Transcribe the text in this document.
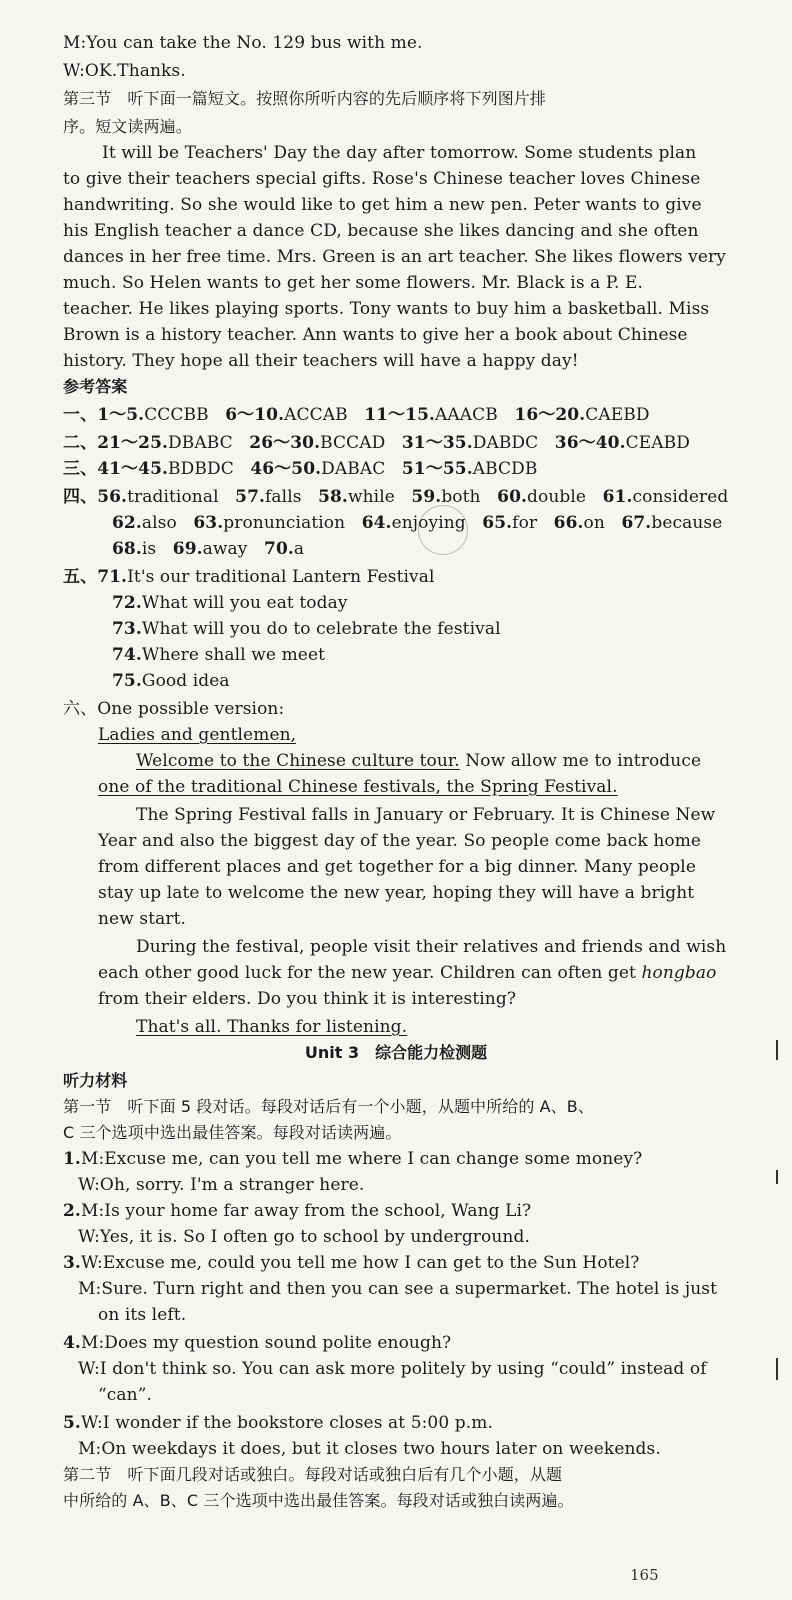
M:You can take the No. 129 bus with me.
W:OK.Thanks.
第三节　听下面一篇短文。按照你所听内容的先后顺序将下列图片排
序。短文读两遍。
It will be Teachers' Day the day after tomorrow. Some students plan
to give their teachers special gifts. Rose's Chinese teacher loves Chinese
handwriting. So she would like to get him a new pen. Peter wants to give
his English teacher a dance CD, because she likes dancing and she often
dances in her free time. Mrs. Green is an art teacher. She likes flowers very
much. So Helen wants to get her some flowers. Mr. Black is a P. E.
teacher. He likes playing sports. Tony wants to buy him a basketball. Miss
Brown is a history teacher. Ann wants to give her a book about Chinese
history. They hope all their teachers will have a happy day!
参考答案
一、1～5.CCCBB 6～10.ACCAB 11～15.AAACB 16～20.CAEBD
二、21～25.DBABC 26～30.BCCAD 31～35.DABDC 36～40.CEABD
三、41～45.BDBDC 46～50.DABAC 51～55.ABCDB
四、56.traditional 57.falls 58.while 59.both 60.double 61.considered
62.also 63.pronunciation 64.enjoying 65.for 66.on 67.because
68.is 69.away 70.a
五、71.It's our traditional Lantern Festival
72.What will you eat today
73.What will you do to celebrate the festival
74.Where shall we meet
75.Good idea
六、One possible version:
Ladies and gentlemen,
Welcome to the Chinese culture tour. Now allow me to introduce
one of the traditional Chinese festivals, the Spring Festival.
The Spring Festival falls in January or February. It is Chinese New
Year and also the biggest day of the year. So people come back home
from different places and get together for a big dinner. Many people
stay up late to welcome the new year, hoping they will have a bright
new start.
During the festival, people visit their relatives and friends and wish
each other good luck for the new year. Children can often get hongbao
from their elders. Do you think it is interesting?
That's all. Thanks for listening.
Unit 3　综合能力检测题
听力材料
第一节　听下面 5 段对话。每段对话后有一个小题，从题中所给的 A、B、
C 三个选项中选出最佳答案。每段对话读两遍。
1.M:Excuse me, can you tell me where I can change some money?
W:Oh, sorry. I'm a stranger here.
2.M:Is your home far away from the school, Wang Li?
W:Yes, it is. So I often go to school by underground.
3.W:Excuse me, could you tell me how I can get to the Sun Hotel?
M:Sure. Turn right and then you can see a supermarket. The hotel is just
on its left.
4.M:Does my question sound polite enough?
W:I don't think so. You can ask more politely by using “could” instead of
“can”.
5.W:I wonder if the bookstore closes at 5:00 p.m.
M:On weekdays it does, but it closes two hours later on weekends.
第二节　听下面几段对话或独白。每段对话或独白后有几个小题，从题
中所给的 A、B、C 三个选项中选出最佳答案。每段对话或独白读两遍。
165
